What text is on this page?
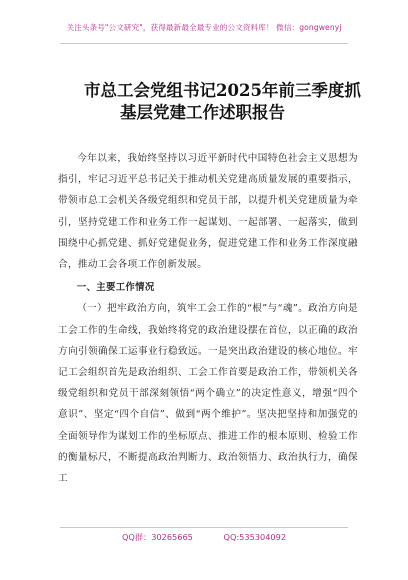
关注头条号"公文研究"，获得最新最全最专业的公文资料库！ 微信：gongwenyj
市总工会党组书记2025年前三季度抓
基层党建工作述职报告

今年以来，我始终坚持以习近平新时代中国特色社会主义思想为指引，牢记习近平总书记关于推动机关党建高质量发展的重要指示，带领市总工会机关各级党组织和党员干部，以提升机关党建质量为牵引，坚持党建工作和业务工作一起谋划、一起部署、一起落实，做到围绕中心抓党建、抓好党建促业务，促进党建工作和业务工作深度融合，推动工会各项工作创新发展。

一、主要工作情况

（一）把牢政治方向，筑牢工会工作的“根”与“魂”。政治方向是工会工作的生命线，我始终将党的政治建设摆在首位，以正确的政治方向引领确保工运事业行稳致远。一是突出政治建设的核心地位。牢记工会组织首先是政治组织、工会工作首要是政治工作，带领机关各级党组织和党员干部深刻领悟“两个确立”的决定性意义，增强“四个意识”、坚定“四个自信”、做到“两个维护”。坚决把坚持和加强党的全面领导作为谋划工作的坐标原点、推进工作的根本原则、检验工作的衡量标尺，不断提高政治判断力、政治领悟力、政治执行力，确保工

QQ群：30265665	QQ:535304092
